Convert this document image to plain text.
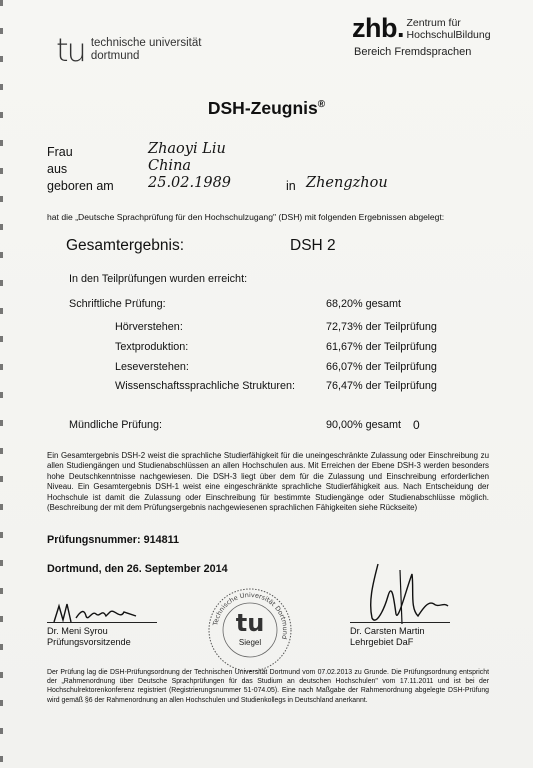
tu technische universität
dortmund
zhb . Zentrum für
HochschulBildung
Bereich Fremdsprachen
DSH-Zeugnis®
Frau	Zhaoyi Liu
aus	China
geboren am 25.02.1989	in Zhengzhou
hat die „Deutsche Sprachprüfung für den Hochschulzugang" (DSH) mit folgenden Ergebnissen abgelegt:
Gesamtergebnis:	DSH 2
In den Teilprüfungen wurden erreicht:
Schriftliche Prüfung:	68,20% gesamt
Hörverstehen:	72,73% der Teilprüfung
Textproduktion:	61,67% der Teilprüfung
Leseverstehen:	66,07% der Teilprüfung
Wissenschaftssprachliche Strukturen:	76,47% der Teilprüfung
Mündliche Prüfung:	90,00% gesamt 0
Ein Gesamtergebnis DSH-2 weist die sprachliche Studierfähigkeit für die uneingeschränkte Zulassung oder Einschreibung zu allen Studiengängen und Studienabschlüssen an allen Hochschulen aus. Mit Erreichen der Ebene DSH-3 werden besonders hohe Deutschkenntnisse nachgewiesen. Die DSH-3 liegt über dem für die Zulassung und Einschreibung erforderlichen Niveau. Ein Gesamtergebnis DSH-1 weist eine eingeschränkte sprachliche Studierfähigkeit aus. Nach Entscheidung der Hochschule ist damit die Zulassung oder Einschreibung für bestimmte Studiengänge oder Studienabschlüsse möglich. (Beschreibung der mit dem Prüfungsergebnis nachgewiesenen sprachlichen Fähigkeiten siehe Rückseite)
Prüfungsnummer: 914811
Dortmund, den 26. September 2014
Dr. Meni Syrou
Prüfungsvorsitzende
Dr. Carsten Martin
Lehrgebiet DaF
Technische Universität Dortmund
tu
Siegel
Der Prüfung lag die DSH-Prüfungsordnung der Technischen Universität Dortmund vom 07.02.2013 zu Grunde. Die Prüfungsordnung entspricht der „Rahmenordnung über Deutsche Sprachprüfungen für das Studium an deutschen Hochschulen" vom 17.11.2011 und ist bei der Hochschulrektorenkonferenz registriert (Registrierungsnummer 51-074.05). Eine nach Maßgabe der Rahmenordnung abgelegte DSH-Prüfung wird gemäß §6 der Rahmenordnung an allen Hochschulen und Studienkollegs in Deutschland anerkannt.
